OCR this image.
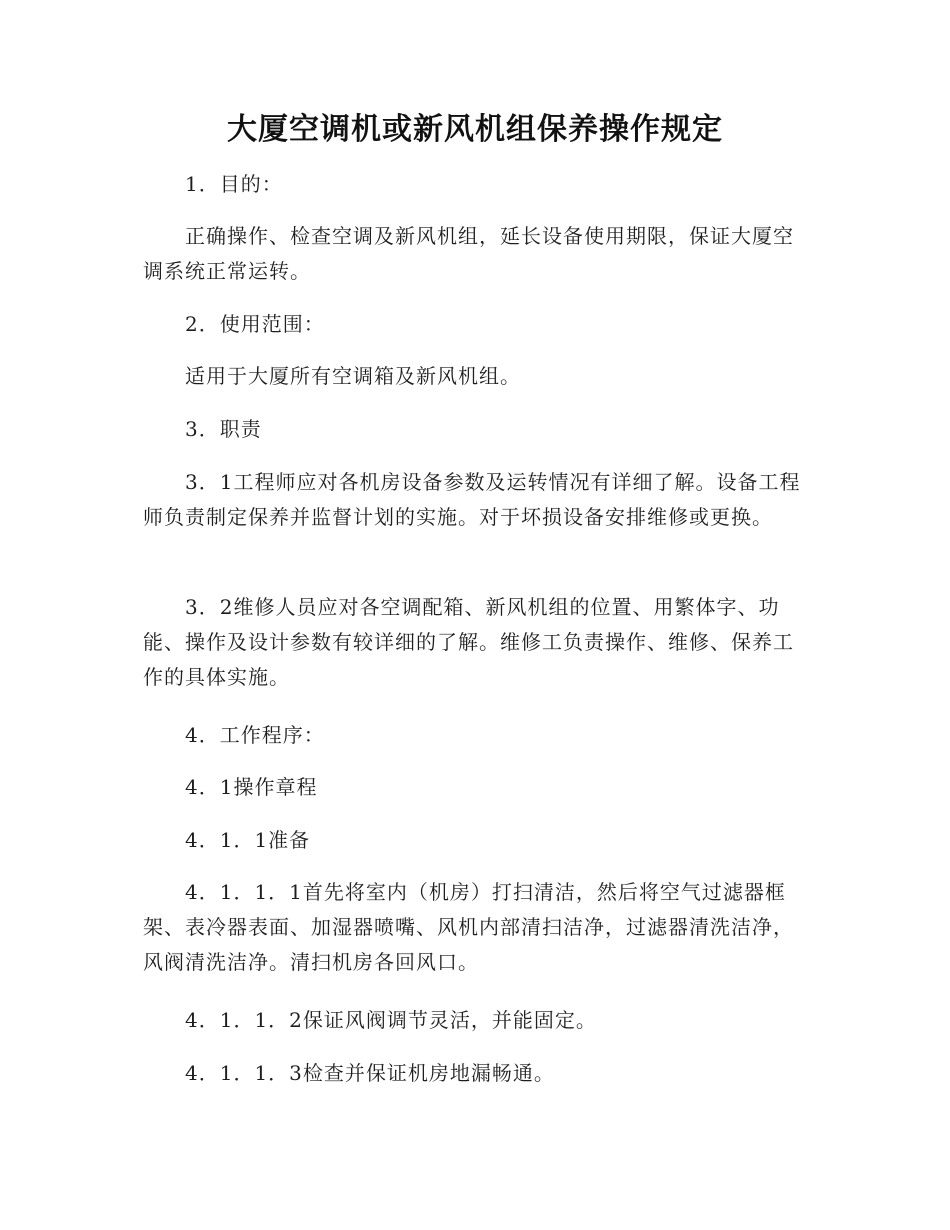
大厦空调机或新风机组保养操作规定

1．目的：

正确操作、检查空调及新风机组，延长设备使用期限，保证大厦空调系统正常运转。

2．使用范围：

适用于大厦所有空调箱及新风机组。

3．职责

3．1工程师应对各机房设备参数及运转情况有详细了解。设备工程师负责制定保养并监督计划的实施。对于坏损设备安排维修或更换。

3．2维修人员应对各空调配箱、新风机组的位置、用繁体字、功能、操作及设计参数有较详细的了解。维修工负责操作、维修、保养工作的具体实施。

4．工作程序：

4．1操作章程

4．1．1准备

4．1．1．1首先将室内（机房）打扫清洁，然后将空气过滤器框架、表冷器表面、加湿器喷嘴、风机内部清扫洁净，过滤器清洗洁净，风阀清洗洁净。清扫机房各回风口。

4．1．1．2保证风阀调节灵活，并能固定。

4．1．1．3检查并保证机房地漏畅通。
